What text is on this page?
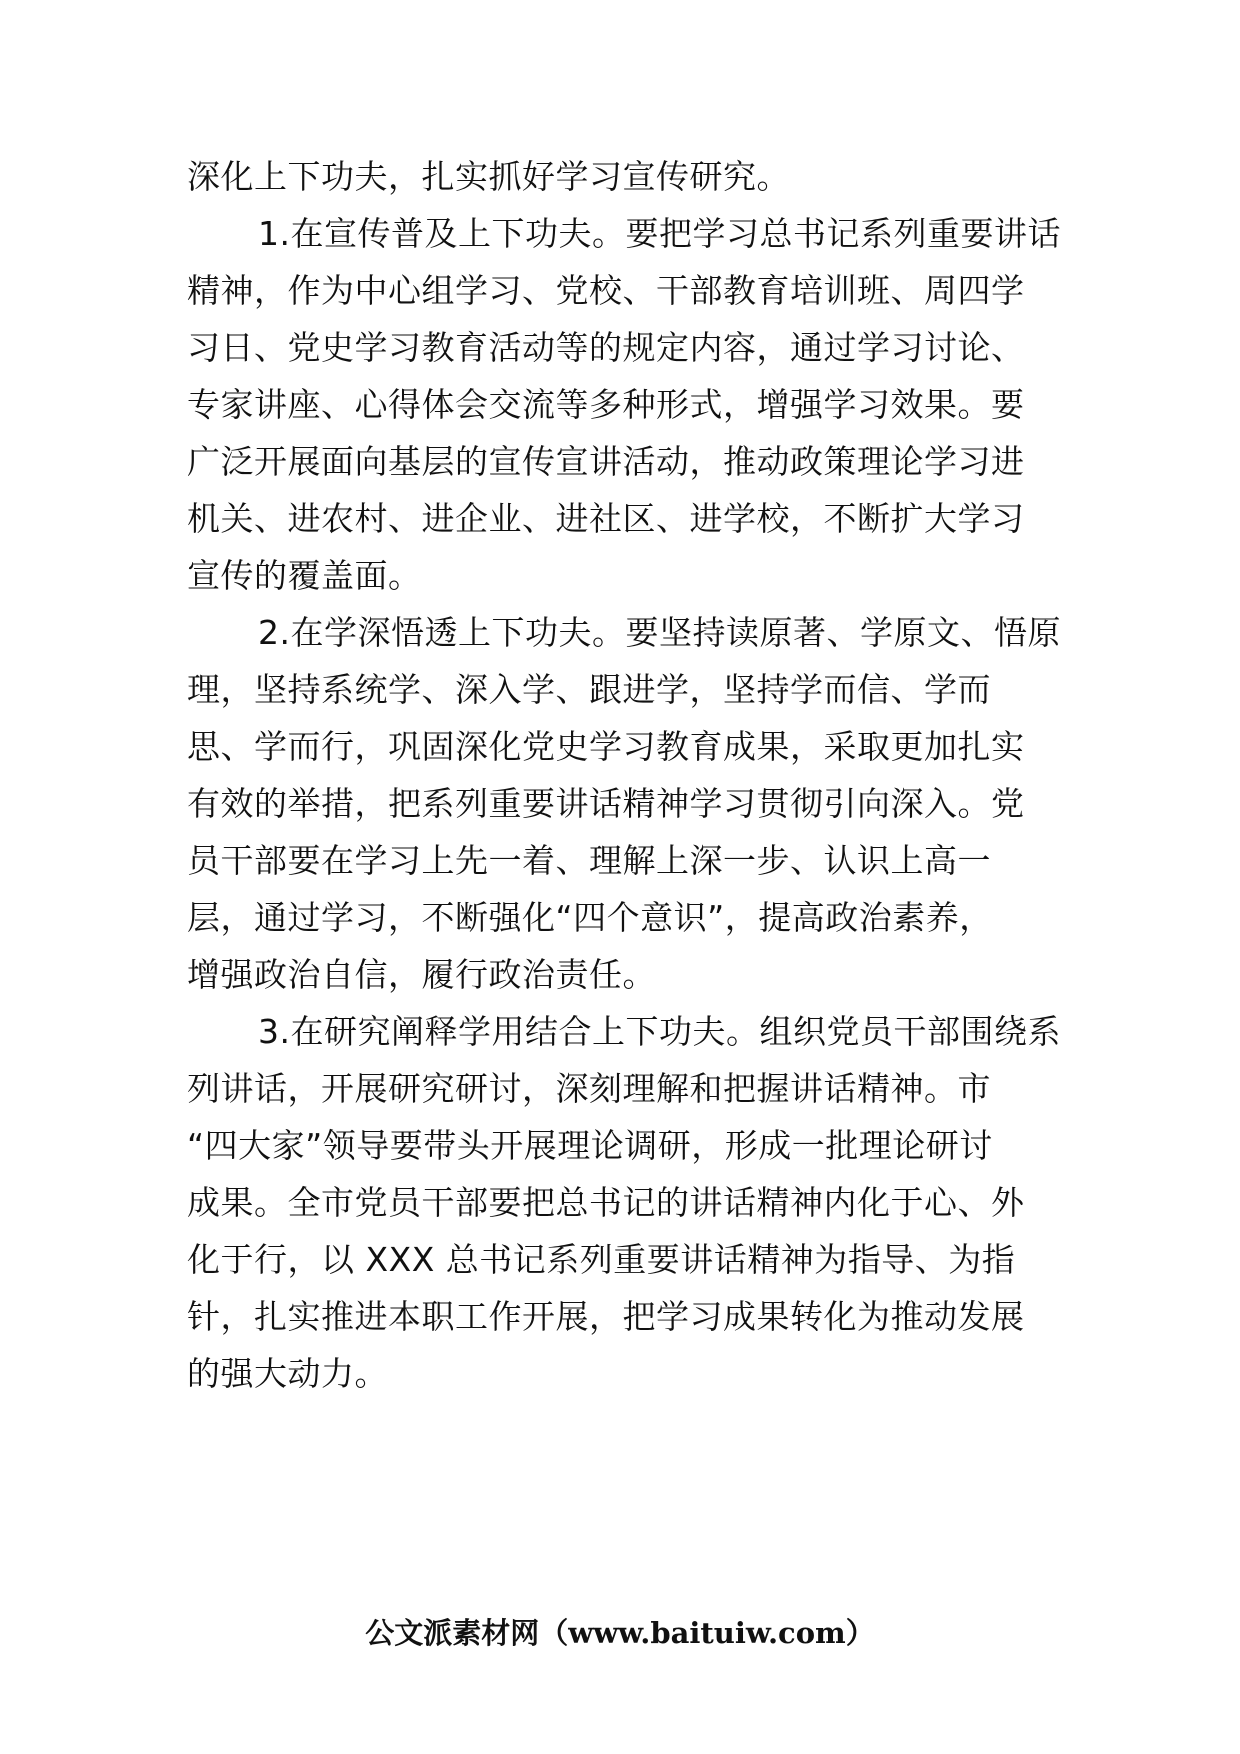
深化上下功夫，扎实抓好学习宣传研究。
1.在宣传普及上下功夫。要把学习总书记系列重要讲话
精神，作为中心组学习、党校、干部教育培训班、周四学
习日、党史学习教育活动等的规定内容，通过学习讨论、
专家讲座、心得体会交流等多种形式，增强学习效果。要
广泛开展面向基层的宣传宣讲活动，推动政策理论学习进
机关、进农村、进企业、进社区、进学校，不断扩大学习
宣传的覆盖面。
2.在学深悟透上下功夫。要坚持读原著、学原文、悟原
理，坚持系统学、深入学、跟进学，坚持学而信、学而
思、学而行，巩固深化党史学习教育成果，采取更加扎实
有效的举措，把系列重要讲话精神学习贯彻引向深入。党
员干部要在学习上先一着、理解上深一步、认识上高一
层，通过学习，不断强化“四个意识”，提高政治素养，
增强政治自信，履行政治责任。
3.在研究阐释学用结合上下功夫。组织党员干部围绕系
列讲话，开展研究研讨，深刻理解和把握讲话精神。市
“四大家”领导要带头开展理论调研，形成一批理论研讨
成果。全市党员干部要把总书记的讲话精神内化于心、外
化于行，以 XXX 总书记系列重要讲话精神为指导、为指
针，扎实推进本职工作开展，把学习成果转化为推动发展
的强大动力。
公文派素材网（www.baituiw.com）
